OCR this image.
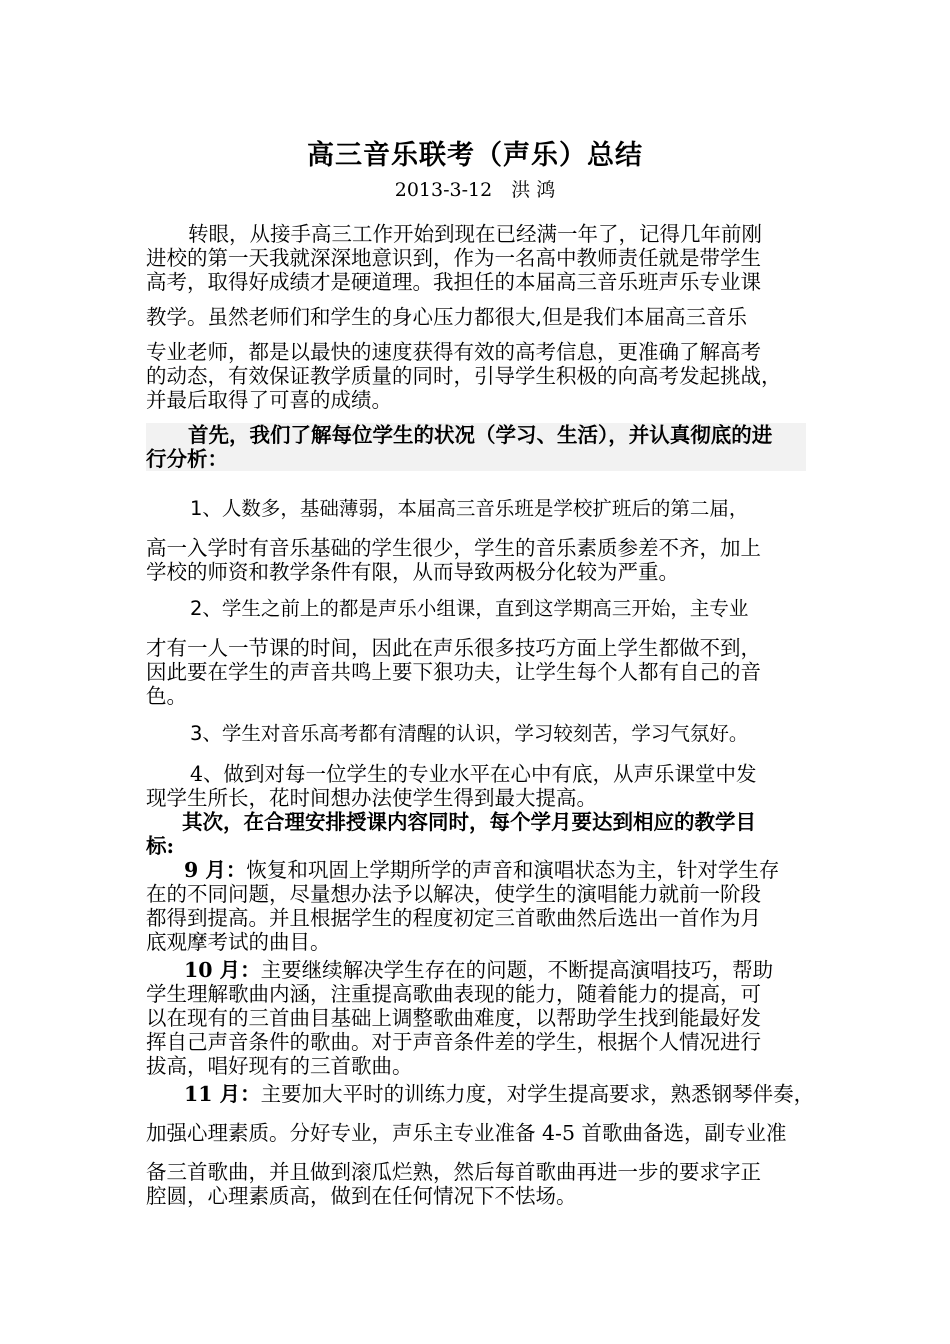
高三音乐联考（声乐）总结
2013-3-12　洪 鸿
转眼，从接手高三工作开始到现在已经满一年了，记得几年前刚
进校的第一天我就深深地意识到，作为一名高中教师责任就是带学生
高考，取得好成绩才是硬道理。我担任的本届高三音乐班声乐专业课
教学。虽然老师们和学生的身心压力都很大,但是我们本届高三音乐
专业老师，都是以最快的速度获得有效的高考信息，更准确了解高考
的动态，有效保证教学质量的同时，引导学生积极的向高考发起挑战，
并最后取得了可喜的成绩。
首先，我们了解每位学生的状况（学习、生活），并认真彻底的进
行分析：
1、人数多，基础薄弱，本届高三音乐班是学校扩班后的第二届，
高一入学时有音乐基础的学生很少，学生的音乐素质参差不齐，加上
学校的师资和教学条件有限，从而导致两极分化较为严重。
2、学生之前上的都是声乐小组课，直到这学期高三开始，主专业
才有一人一节课的时间，因此在声乐很多技巧方面上学生都做不到，
因此要在学生的声音共鸣上要下狠功夫，让学生每个人都有自己的音
色。
3、学生对音乐高考都有清醒的认识，学习较刻苦，学习气氛好。
4、做到对每一位学生的专业水平在心中有底，从声乐课堂中发
现学生所长，花时间想办法使学生得到最大提高。
其次，在合理安排授课内容同时，每个学月要达到相应的教学目
标:
9 月：恢复和巩固上学期所学的声音和演唱状态为主，针对学生存
在的不同问题，尽量想办法予以解决，使学生的演唱能力就前一阶段
都得到提高。并且根据学生的程度初定三首歌曲然后选出一首作为月
底观摩考试的曲目。
10 月：主要继续解决学生存在的问题，不断提高演唱技巧，帮助
学生理解歌曲内涵，注重提高歌曲表现的能力，随着能力的提高，可
以在现有的三首曲目基础上调整歌曲难度，以帮助学生找到能最好发
挥自己声音条件的歌曲。对于声音条件差的学生，根据个人情况进行
拔高，唱好现有的三首歌曲。
11 月：主要加大平时的训练力度，对学生提高要求，熟悉钢琴伴奏，
加强心理素质。分好专业，声乐主专业准备 4-5 首歌曲备选，副专业准
备三首歌曲，并且做到滚瓜烂熟，然后每首歌曲再进一步的要求字正
腔圆，心理素质高，做到在任何情况下不怯场。
